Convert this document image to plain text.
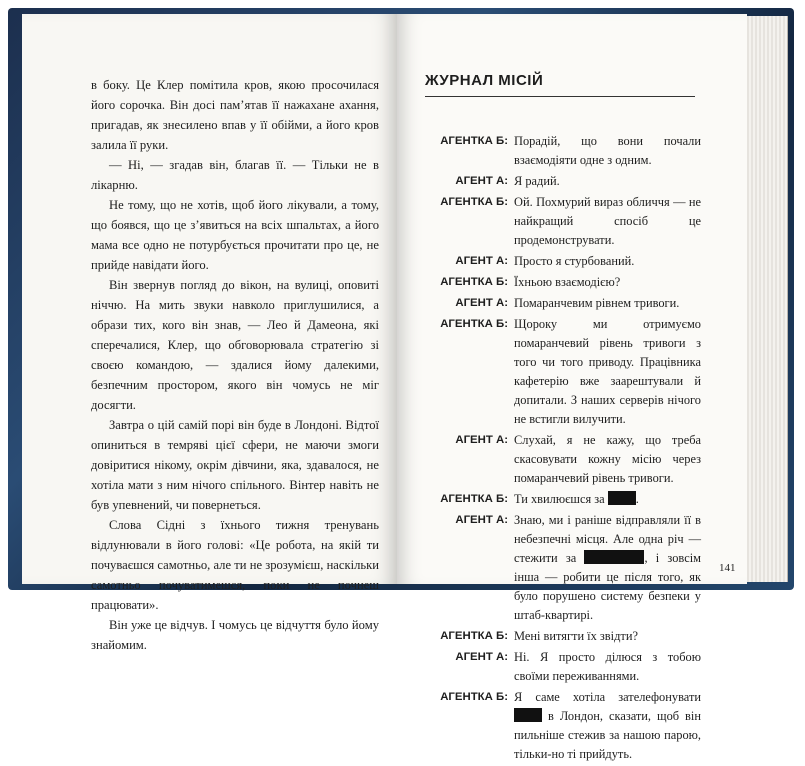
в боку. Це Клер помітила кров, якою просочилася його сорочка. Він досі пам’ятав її нажахане ахання, пригадав, як знесилено впав у її обійми, а його кров залила її руки.

— Ні, — згадав він, благав її. — Тільки не в лікарню.

Не тому, що не хотів, щоб його лікували, а тому, що боявся, що це з’явиться на всіх шпальтах, а його мама все одно не потурбується прочитати про це, не прийде навідати його.

Він звернув погляд до вікон, на вулиці, оповиті ніччю. На мить звуки навколо приглушилися, а образи тих, кого він знав, — Лео й Дамеона, які сперечалися, Клер, що обговорювала стратегію зі своєю командою, — здалися йому далекими, безпечним простором, якого він чомусь не міг досягти.

Завтра о цій самій порі він буде в Лондоні. Відтої опиниться в темряві цієї сфери, не маючи змоги довіритися нікому, окрім дівчини, яка, здавалося, не хотіла мати з ним нічого спільного. Вінтер навіть не був упевнений, чи повернеться.

Слова Сідні з їхнього тижня тренувань відлунювали в його голові: «Це робота, на якій ти почуваєшся самотньо, але ти не зрозумієш, наскільки самотньо почуватимешся, поки не почнеш працювати».

Він уже це відчув. І чомусь це відчуття було йому знайомим.

ЖУРНАЛ МІСІЙ
АГЕНТКА Б: Порадій, що вони почали взаємодіяти одне з одним.
АГЕНТ А: Я радий.
АГЕНТКА Б: Ой. Похмурий вираз обличчя — не найкращий спосіб це продемонструвати.
АГЕНТ А: Просто я стурбований.
АГЕНТКА Б: Їхньою взаємодією?
АГЕНТ А: Помаранчевим рівнем тривоги.
АГЕНТКА Б: Щороку ми отримуємо помаранчевий рівень тривоги з того чи того приводу. Працівника кафетерію вже заарештували й допитали. З наших серверів нічого не встигли вилучити.
АГЕНТ А: Слухай, я не кажу, що треба скасовувати кожну місію через помаранчевий рівень тривоги.
АГЕНТКА Б: Ти хвилюєшся за .
АГЕНТ А: Знаю, ми і раніше відправляли її в небезпечні місця. Але одна річ — стежити за	, і зовсім інша — робити це після того, як було порушено систему безпеки у штаб-квартирі.
АГЕНТКА Б: Мені витягти їх звідти?
АГЕНТ А: Ні. Я просто ділюся з тобою своїми переживаннями.
АГЕНТКА Б: Я саме хотіла зателефонувати  в Лондон, сказати, щоб він пильніше стежив за нашою парою, тільки-но ті прийдуть.
141
